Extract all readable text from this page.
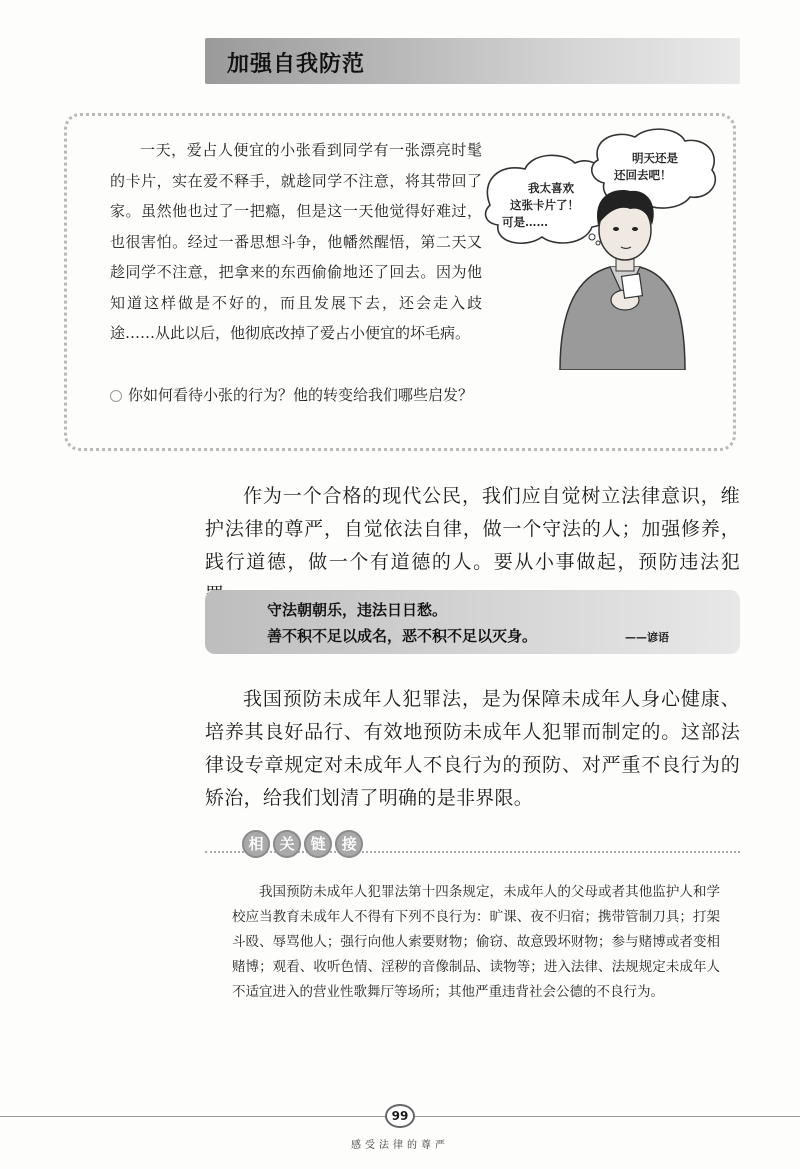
加强自我防范
一天，爱占人便宜的小张看到同学有一张漂亮时髦的卡片，实在爱不释手，就趁同学不注意，将其带回了家。虽然他也过了一把瘾，但是这一天他觉得好难过，也很害怕。经过一番思想斗争，他幡然醒悟，第二天又趁同学不注意，把拿来的东西偷偷地还了回去。因为他知道这样做是不好的，而且发展下去，还会走入歧途……从此以后，他彻底改掉了爱占小便宜的坏毛病。
你如何看待小张的行为？他的转变给我们哪些启发？
我太喜欢
这张卡片了！
可是……
明天还是
还回去吧！
作为一个合格的现代公民，我们应自觉树立法律意识，维护法律的尊严，自觉依法自律，做一个守法的人；加强修养，践行道德，做一个有道德的人。要从小事做起，预防违法犯
守法朝朝乐，违法日日愁。
善不积不足以成名，恶不积不足以灭身。	——谚语
我国预防未成年人犯罪法，是为保障未成年人身心健康、培养其良好品行、有效地预防未成年人犯罪而制定的。这部法律设专章规定对未成年人不良行为的预防、对严重不良行为的矫治，给我们划清了明确的是非界限。
相 关 链 接
我国预防未成年人犯罪法第十四条规定，未成年人的父母或者其他监护人和学校应当教育未成年人不得有下列不良行为：旷课、夜不归宿；携带管制刀具；打架斗殴、辱骂他人；强行向他人索要财物；偷窃、故意毁坏财物；参与赌博或者变相赌博；观看、收听色情、淫秽的音像制品、读物等；进入法律、法规规定未成年人不适宜进入的营业性歌舞厅等场所；其他严重违背社会公德的不良行为。
99
感受法律的尊严
